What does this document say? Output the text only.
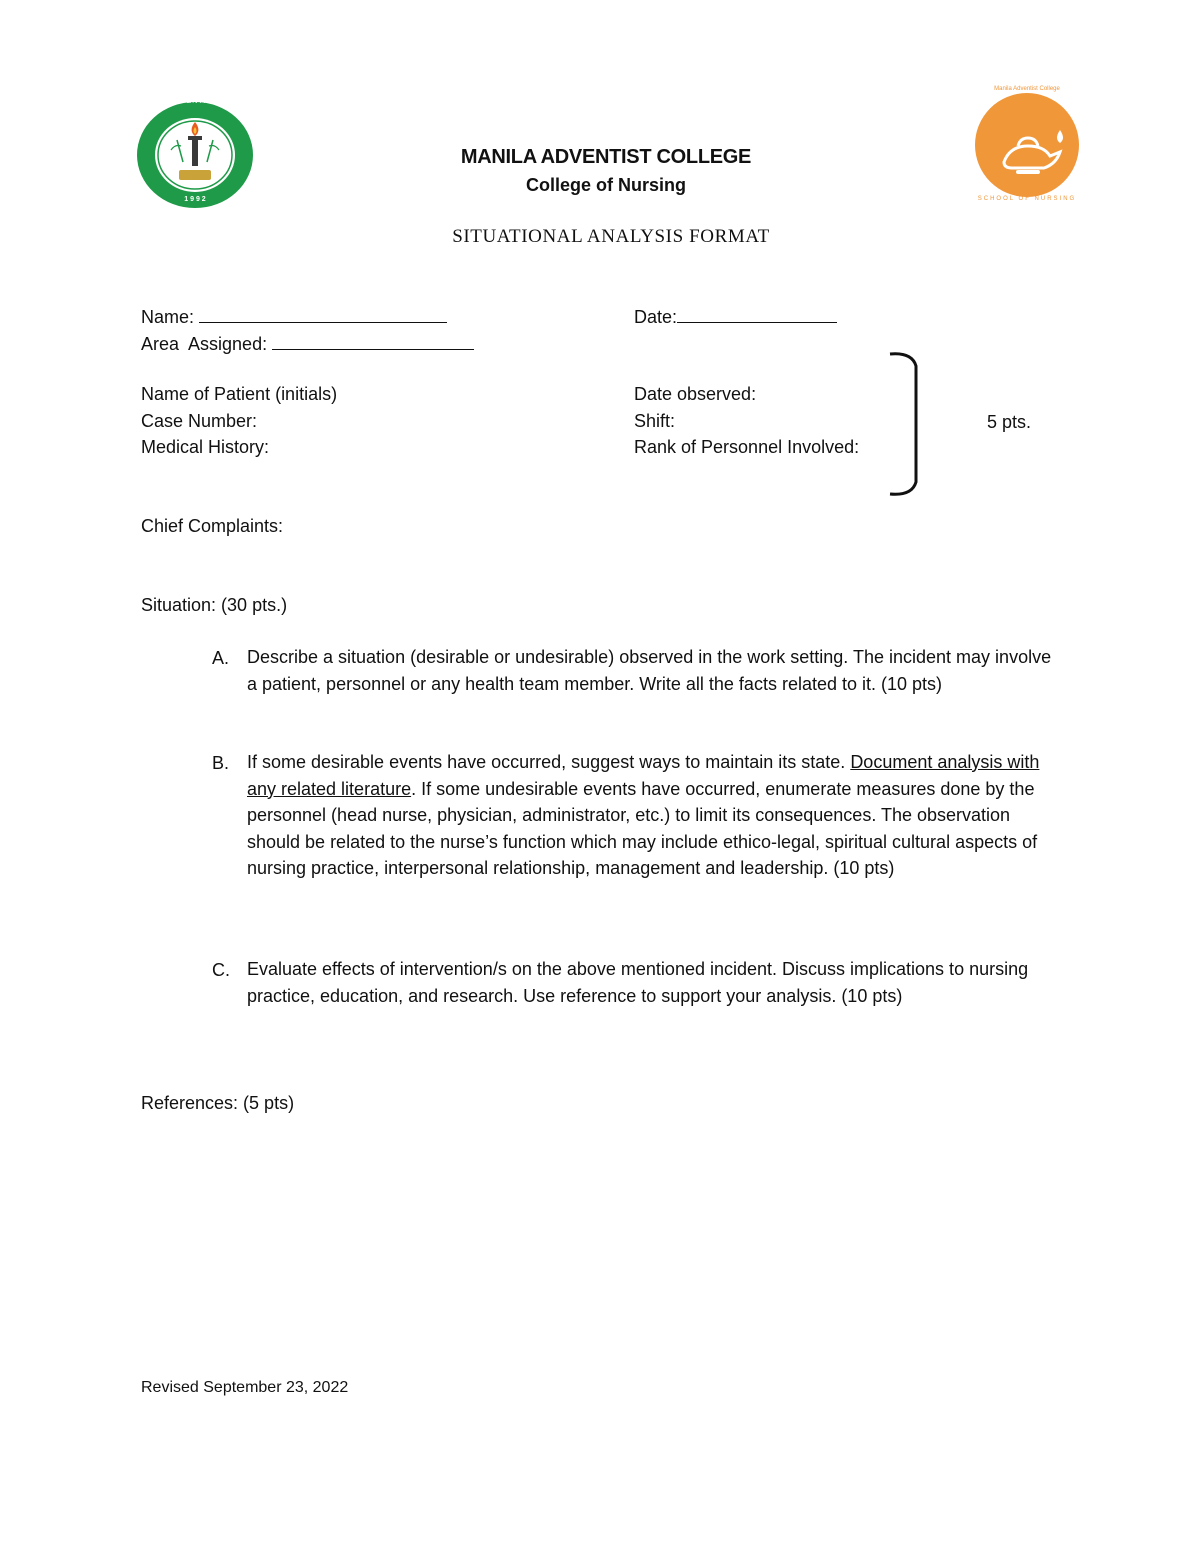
MANILA ADVENTIST COLLEGE
1 9 9 2
Manila Adventist College
SCHOOL OF NURSING
MANILA ADVENTIST COLLEGE
College of Nursing
SITUATIONAL ANALYSIS FORMAT
Name:	Date:
Area  Assigned:
Name of Patient (initials)
Case Number:
Medical History:
Date observed:
Shift:
Rank of Personnel Involved:
5 pts.
Chief Complaints:
Situation: (30 pts.)
A. Describe a situation (desirable or undesirable) observed in the work setting. The incident may involve a patient, personnel or any health team member. Write all the facts related to it. (10 pts)
B. If some desirable events have occurred, suggest ways to maintain its state. Document analysis with any related literature. If some undesirable events have occurred, enumerate measures done by the personnel (head nurse, physician, administrator, etc.) to limit its consequences. The observation should be related to the nurse’s function which may include ethico-legal, spiritual cultural aspects of nursing practice, interpersonal relationship, management and leadership. (10 pts)
C. Evaluate effects of intervention/s on the above mentioned incident. Discuss implications to nursing practice, education, and research. Use reference to support your analysis. (10 pts)
References: (5 pts)
Revised September 23, 2022
